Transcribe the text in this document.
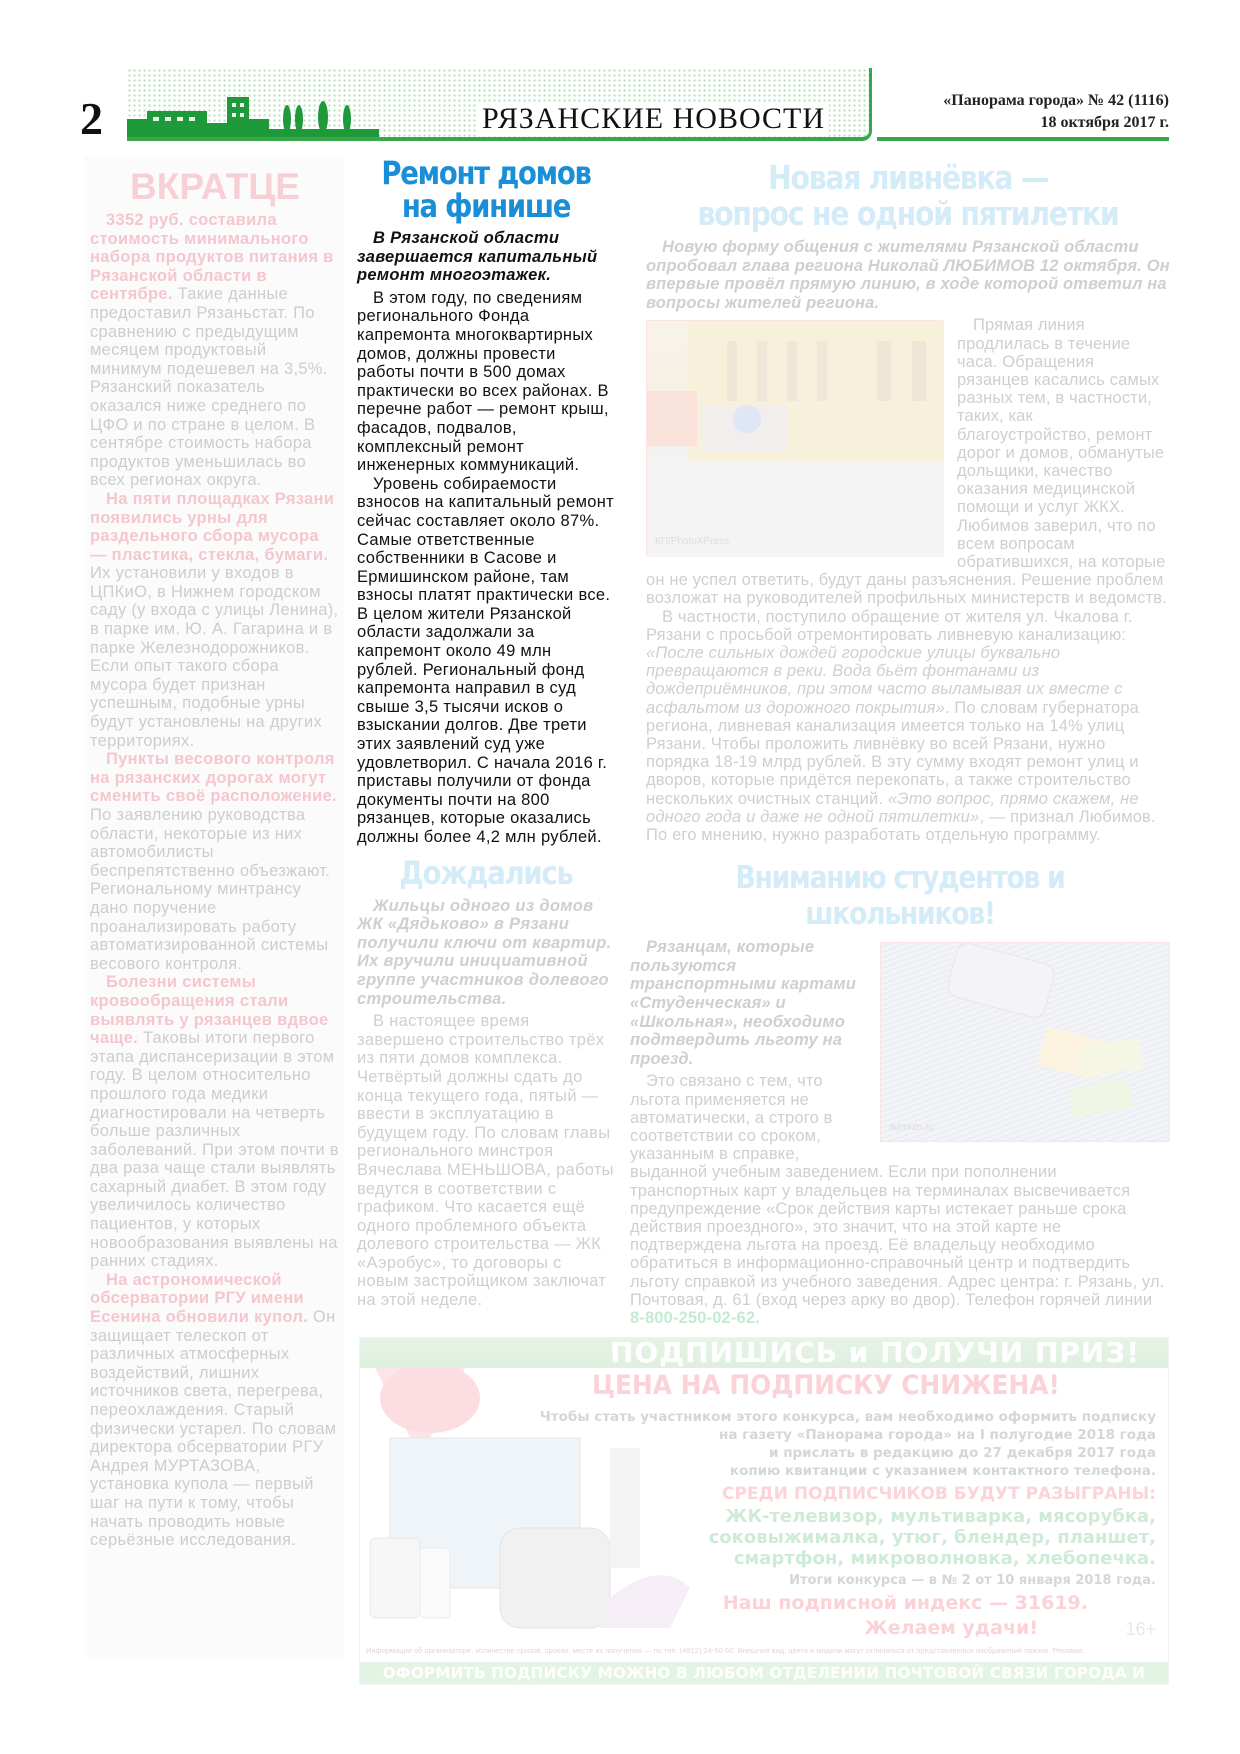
2	РЯЗАНСКИЕ НОВОСТИ
«Панорама города» № 42 (1116)
18 октября 2017 г.
ВКРАТЦЕ

3352 руб. составила стоимость минимального набора продуктов питания в Рязанской области в сентябре. Такие данные предоставил Рязаньстат. По сравнению с предыдущим месяцем продуктовый минимум подешевел на 3,5%. Рязанский показатель оказался ниже среднего по ЦФО и по стране в целом. В сентябре стоимость набора продуктов уменьшилась во всех регионах округа.

На пяти площадках Рязани появились урны для раздельного сбора мусора — пластика, стекла, бумаги. Их установили у входов в ЦПКиО, в Нижнем городском саду (у входа с улицы Ленина), в парке им. Ю. А. Гагарина и в парке Железнодорожников. Если опыт такого сбора мусора будет признан успешным, подобные урны будут установлены на других территориях.

Пункты весового контроля на рязанских дорогах могут сменить своё расположение. По заявлению руководства области, некоторые из них автомобилисты беспрепятственно объезжают. Региональному минтрансу дано поручение проанализировать работу автоматизированной системы весового контроля.

Болезни системы кровообращения стали выявлять у рязанцев вдвое чаще. Таковы итоги первого этапа диспансеризации в этом году. В целом относительно прошлого года медики диагностировали на четверть больше различных заболеваний. При этом почти в два раза чаще стали выявлять сахарный диабет. В этом году увеличилось количество пациентов, у которых новообразования выявлены на ранних стадиях.

На астрономической обсерватории РГУ имени Есенина обновили купол. Он защищает телескоп от различных атмосферных воздействий, лишних источников света, перегрева, переохлаждения. Старый физически устарел. По словам директора обсерватории РГУ Андрея МУРТАЗОВА, установка купола — первый шаг на пути к тому, чтобы начать проводить новые серьёзные исследования.

Ремонт домов
на финише
В Рязанской области завершается капитальный ремонт многоэтажек.

В этом году, по сведениям регионального Фонда капремонта многоквартирных домов, должны провести работы почти в 500 домах практически во всех районах. В перечне работ — ремонт крыш, фасадов, подвалов, комплексный ремонт инженерных коммуникаций.

Уровень собираемости взносов на капитальный ремонт сейчас составляет около 87%. Самые ответственные собственники в Сасове и Ермишинском районе, там взносы платят практически все. В целом жители Рязанской области задолжали за капремонт около 49 млн рублей. Региональный фонд капремонта направил в суд свыше 3,5 тысячи исков о взыскании долгов. Две трети этих заявлений суд уже удовлетворил. С начала 2016 г. приставы получили от фонда документы почти на 800 рязанцев, которые оказались должны более 4,2 млн рублей.

Дождались
Жильцы одного из домов ЖК «Дядьково» в Рязани получили ключи от квартир. Их вручили инициативной группе участников долевого строительства.

В настоящее время завершено строительство трёх из пяти домов комплекса. Четвёртый должны сдать до конца текущего года, пятый — ввести в эксплуатацию в будущем году. По словам главы регионального минстроя Вячеслава МЕНЬШОВА, работы ведутся в соответствии с графиком. Что касается ещё одного проблемного объекта долевого строительства — ЖК «Аэробус», то договоры с новым застройщиком заключат на этой неделе.

Новая ливнёвка —
вопрос не одной пятилетки
Новую форму общения с жителями Рязанской области опробовал глава региона Николай ЛЮБИМОВ 12 октября. Он впервые провёл прямую линию, в ходе которой ответил на вопросы жителей региона.
КП/PhotoXPress

Прямая линия продлилась в течение часа. Обращения рязанцев касались самых разных тем, в частности, таких, как благоустройство, ремонт дорог и домов, обманутые дольщики, качество оказания медицинской помощи и услуг ЖКХ. Любимов заверил, что по всем вопросам обратившихся, на которые он не успел ответить, будут даны разъяснения. Решение проблем возложат на руководителей профильных министерств и ведомств.

В частности, поступило обращение от жителя ул. Чкалова г. Рязани с просьбой отремонтировать ливневую канализацию: «После сильных дождей городские улицы буквально превращаются в реки. Вода бьёт фонтанами из дождеприёмников, при этом часто выламывая их вместе с асфальтом из дорожного покрытия». По словам губернатора региона, ливневая канализация имеется только на 14% улиц Рязани. Чтобы проложить ливнёвку во всей Рязани, нужно порядка 18-19 млрд рублей. В эту сумму входят ремонт улиц и дворов, которые придётся перекопать, а также строительство нескольких очистных станций. «Это вопрос, прямо скажем, не одного года и даже не одной пятилетки», — признал Любимов. По его мнению, нужно разработать отдельную программу.

Вниманию студентов и школьников!
admrzn.ru
Рязанцам, которые пользуются транспортными картами «Студенческая» и «Школьная», необходимо подтвердить льготу на проезд.

Это связано с тем, что льгота применяется не автоматически, а строго в соответствии со сроком, указанным в справке, выданной учебным заведением. Если при пополнении транспортных карт у владельцев на терминалах высвечивается предупреждение «Срок действия карты истекает раньше срока действия проездного», это значит, что на этой карте не подтверждена льгота на проезд. Её владельцу необходимо обратиться в информационно-справочный центр и подтвердить льготу справкой из учебного заведения. Адрес центра: г. Рязань, ул. Почтовая, д. 61 (вход через арку во двор). Телефон горячей линии 8-800-250-02-62.

ПОДПИШИСЬ и ПОЛУЧИ ПРИЗ!
ЦЕНА НА ПОДПИСКУ СНИЖЕНА!
Чтобы стать участником этого конкурса, вам необходимо оформить подписку
на газету «Панорама города» на I полугодие 2018 года
и прислать в редакцию до 27 декабря 2017 года
копию квитанции с указанием контактного телефона.
СРЕДИ ПОДПИСЧИКОВ БУДУТ РАЗЫГРАНЫ:
ЖК-телевизор, мультиварка, мясорубка,
соковыжималка, утюг, блендер, планшет,
смартфон, микроволновка, хлебопечка.
Итоги конкурса — в № 2 от 10 января 2018 года.
Наш подписной индекс — 31619.
Желаем удачи!	16+
Информация об организаторе, количестве призов, сроках, месте их получения — по тел. (4912) 24-50-50. Внешний вид, цвета и модели могут отличаться от представленных изображений призов. Реклама.
ОФОРМИТЬ ПОДПИСКУ МОЖНО В ЛЮБОМ ОТДЕЛЕНИИ ПОЧТОВОЙ СВЯЗИ ГОРОДА И ОБЛАСТИ
